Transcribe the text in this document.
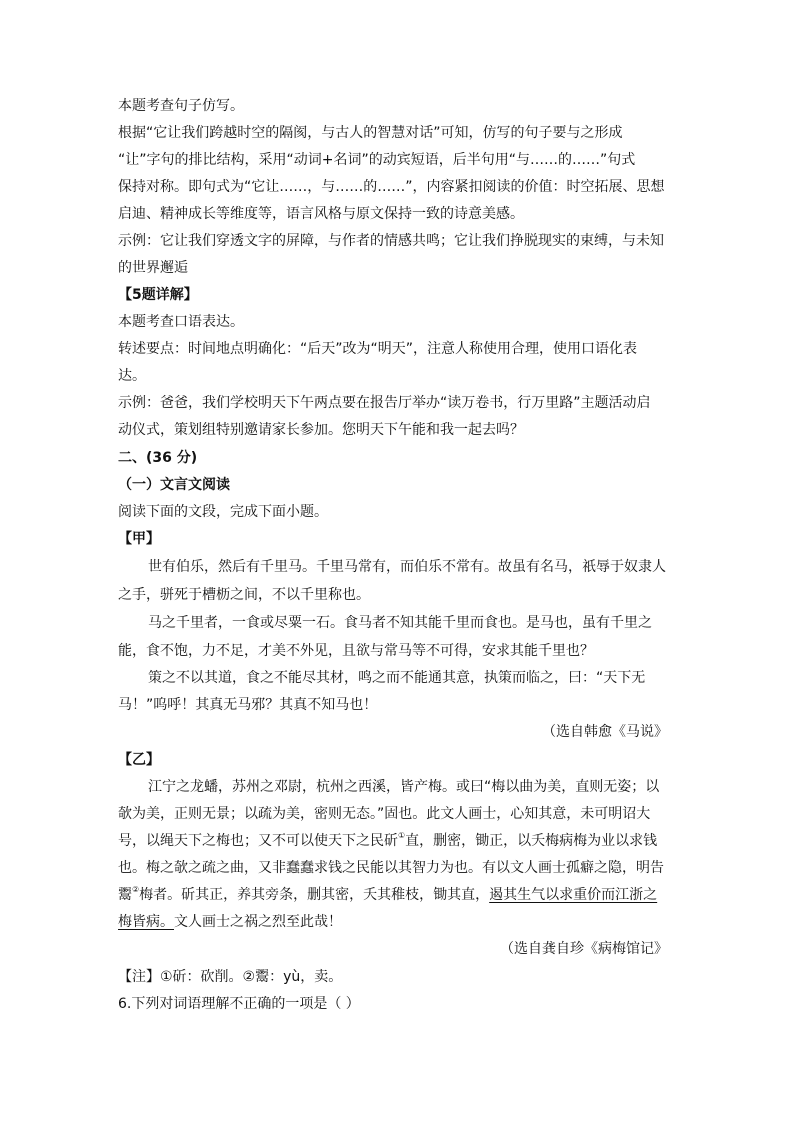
本题考查句子仿写。
根据“它让我们跨越时空的隔阂，与古人的智慧对话”可知，仿写的句子要与之形成
“让”字句的排比结构，采用“动词+名词”的动宾短语，后半句用“与……的……”句式
保持对称。即句式为“它让……，与……的……”，内容紧扣阅读的价值：时空拓展、思想
启迪、精神成长等维度等，语言风格与原文保持一致的诗意美感。
示例：它让我们穿透文字的屏障，与作者的情感共鸣；它让我们挣脱现实的束缚，与未知
的世界邂逅
【5题详解】
本题考查口语表达。
转述要点：时间地点明确化：“后天”改为“明天”，注意人称使用合理，使用口语化表
达。
示例：爸爸，我们学校明天下午两点要在报告厅举办“读万卷书，行万里路”主题活动启
动仪式，策划组特别邀请家长参加。您明天下午能和我一起去吗？
二、(36 分)
（一）文言文阅读
阅读下面的文段，完成下面小题。
【甲】
世有伯乐，然后有千里马。千里马常有，而伯乐不常有。故虽有名马，祇辱于奴隶人
之手，骈死于槽枥之间，不以千里称也。
马之千里者，一食或尽粟一石。食马者不知其能千里而食也。是马也，虽有千里之
能，食不饱，力不足，才美不外见，且欲与常马等不可得，安求其能千里也？
策之不以其道，食之不能尽其材，鸣之而不能通其意，执策而临之，曰：“天下无
马！”呜呼！其真无马邪？其真不知马也！
（选自韩愈《马说》
【乙】
江宁之龙蟠，苏州之邓尉，杭州之西溪，皆产梅。或曰“梅以曲为美，直则无姿；以
欹为美，正则无景；以疏为美，密则无态。”固也。此文人画士，心知其意，未可明诏大
号，以绳天下之梅也；又不可以使天下之民斫①直，删密，锄正，以夭梅病梅为业以求钱
也。梅之欹之疏之曲，又非蠢蠢求钱之民能以其智力为也。有以文人画士孤癖之隐，明告
鬻②梅者。斫其正，养其旁条，删其密，夭其稚枝，锄其直，遏其生气以求重价而江浙之
梅皆病。文人画士之祸之烈至此哉！
（选自龚自珍《病梅馆记》
【注】①斫：砍削。②鬻：yù，卖。
6.下列对词语理解不正确的一项是（ ）
